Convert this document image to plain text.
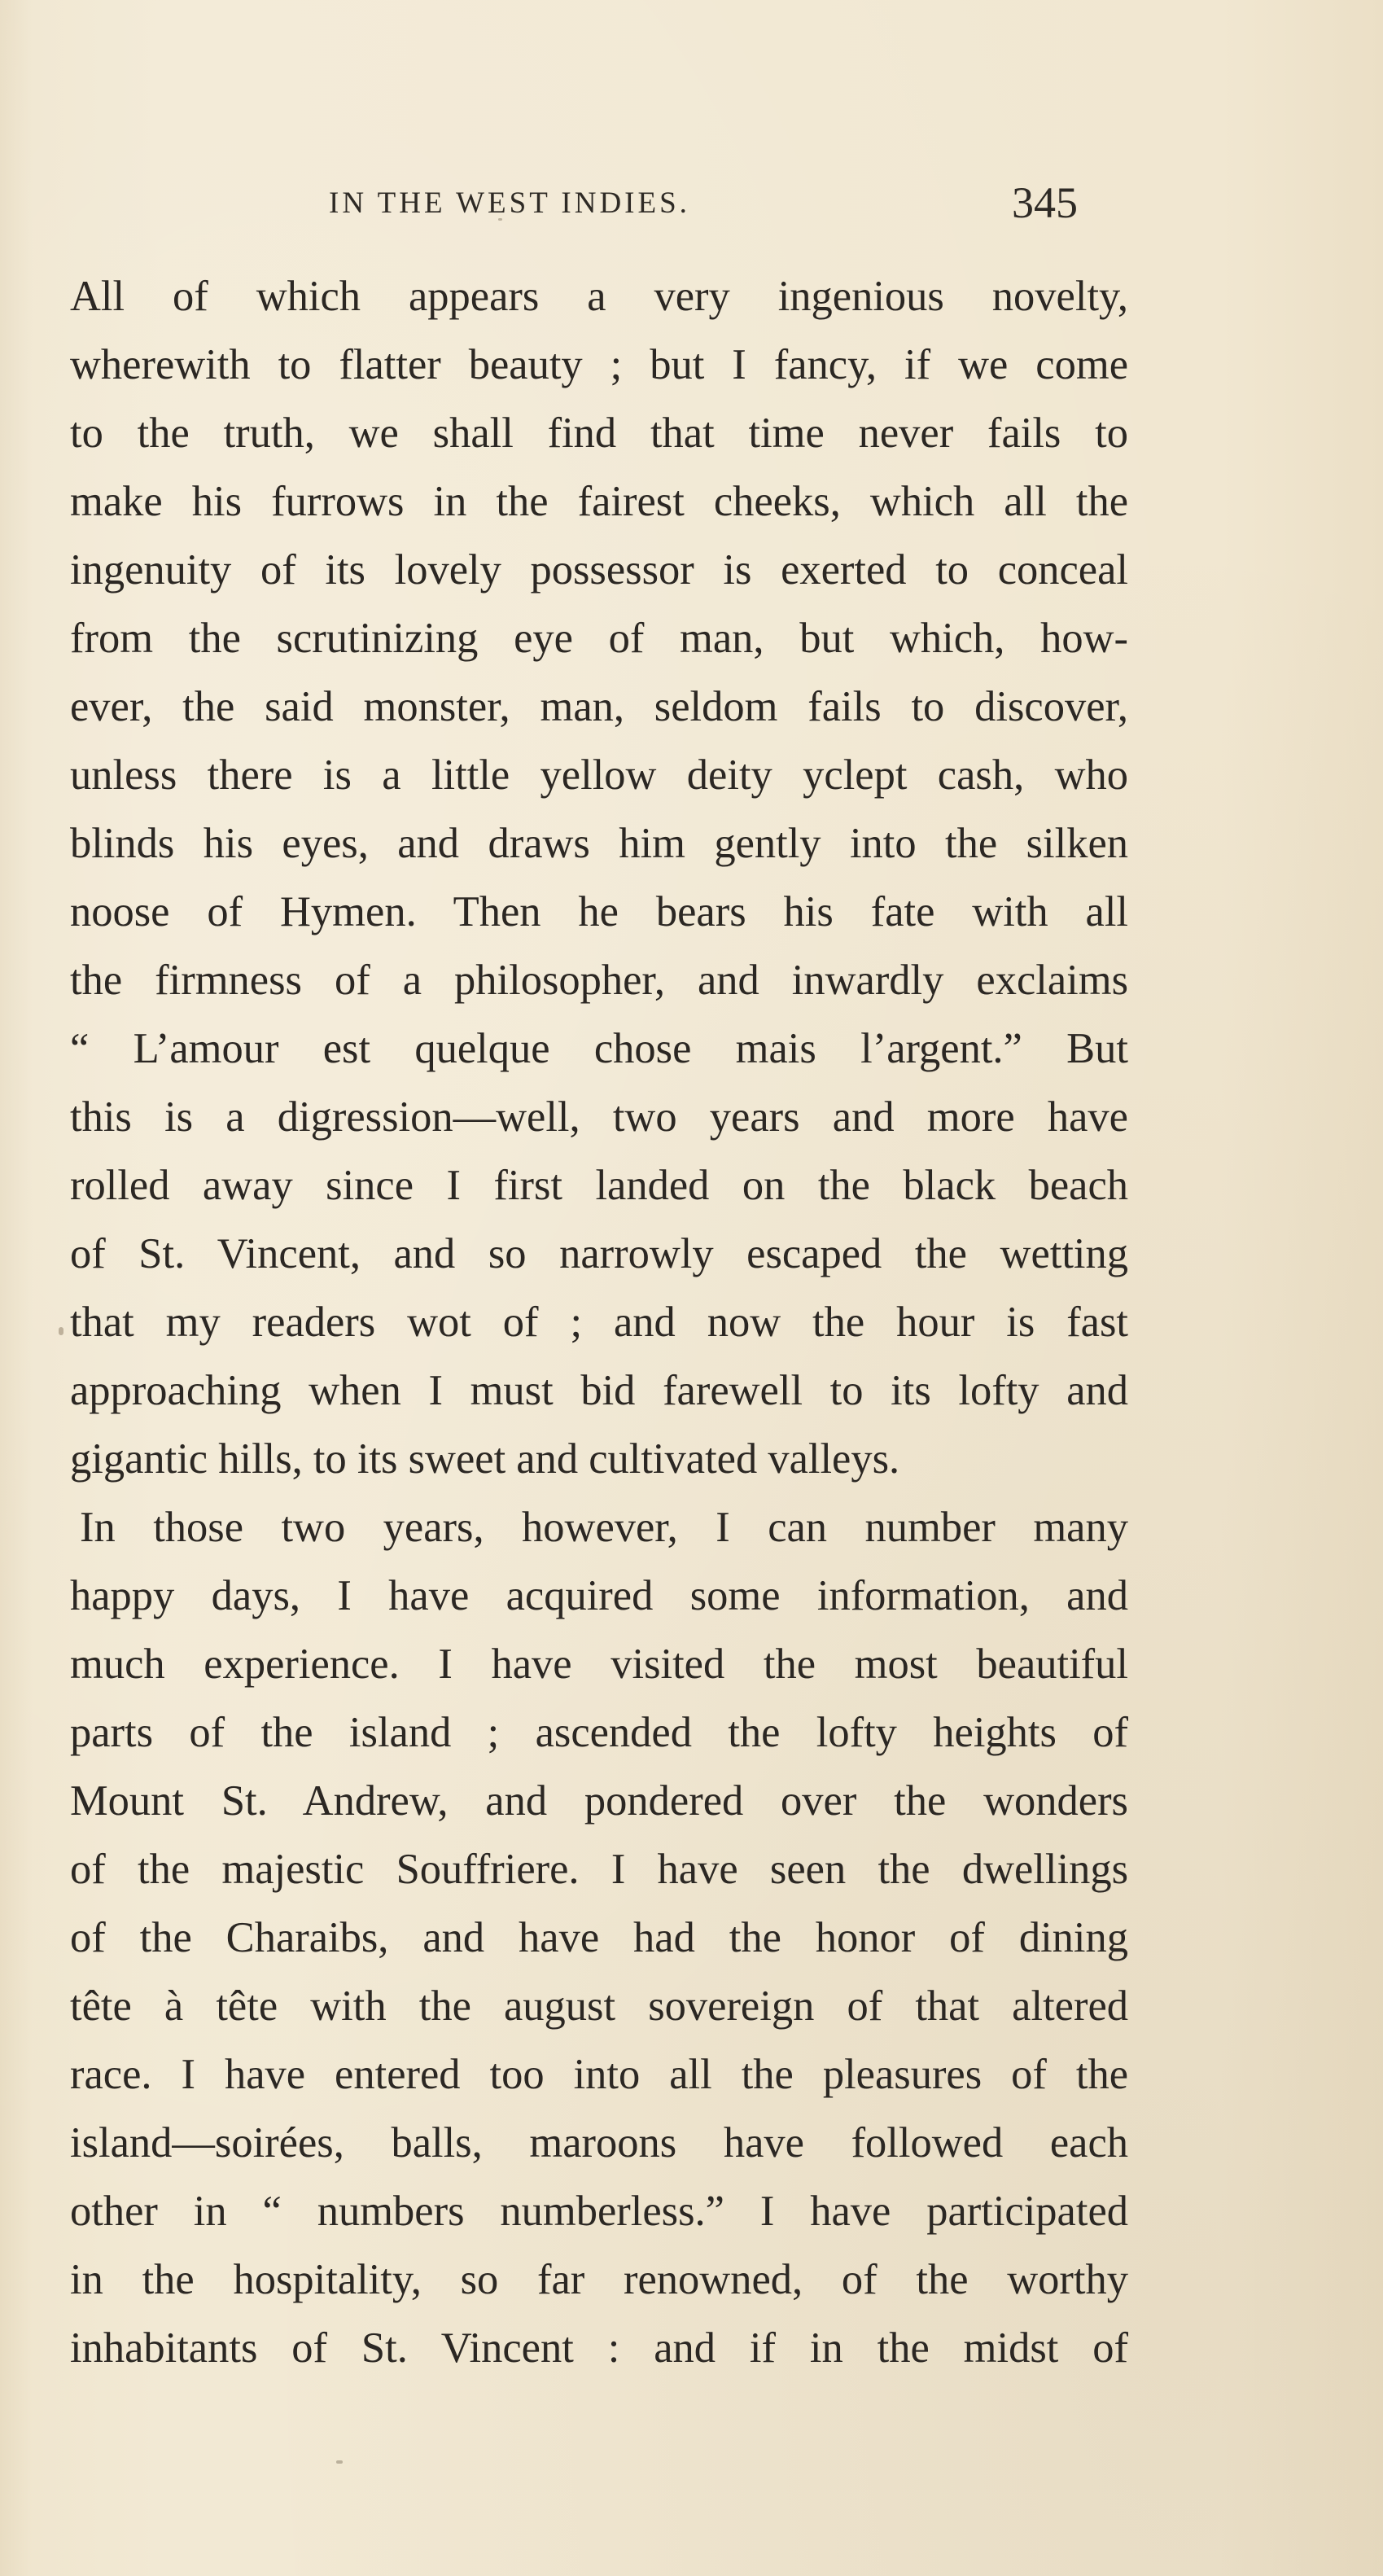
IN THE WEST INDIES.	345
All of which appears a very ingenious novelty,
wherewith to flatter beauty ; but I fancy, if we come
to the truth, we shall find that time never fails to
make his furrows in the fairest cheeks, which all the
ingenuity of its lovely possessor is exerted to conceal
from the scrutinizing eye of man, but which, how-
ever, the said monster, man, seldom fails to discover,
unless there is a little yellow deity yclept cash, who
blinds his eyes, and draws him gently into the silken
noose of Hymen. Then he bears his fate with all
the firmness of a philosopher, and inwardly exclaims
“ L’amour est quelque chose mais l’argent.” But
this is a digression—well, two years and more have
rolled away since I first landed on the black beach
of St. Vincent, and so narrowly escaped the wetting
that my readers wot of ; and now the hour is fast
approaching when I must bid farewell to its lofty and
gigantic hills, to its sweet and cultivated valleys.
In those two years, however, I can number many
happy days, I have acquired some information, and
much experience. I have visited the most beautiful
parts of the island ; ascended the lofty heights of
Mount St. Andrew, and pondered over the wonders
of the majestic Souffriere. I have seen the dwellings
of the Charaibs, and have had the honor of dining
tête à tête with the august sovereign of that altered
race. I have entered too into all the pleasures of the
island—soirées, balls, maroons have followed each
other in “ numbers numberless.” I have participated
in the hospitality, so far renowned, of the worthy
inhabitants of St. Vincent : and if in the midst of
